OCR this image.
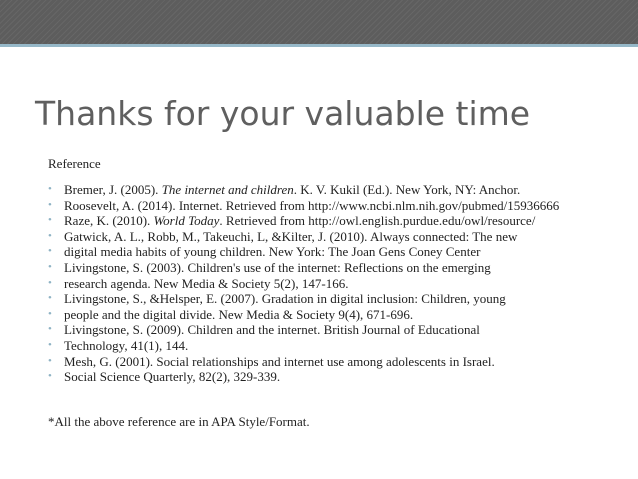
Thanks for your valuable time
Reference
• Bremer, J. (2005). The internet and children. K. V. Kukil (Ed.). New York, NY: Anchor.
• Roosevelt, A. (2014). Internet. Retrieved from http://www.ncbi.nlm.nih.gov/pubmed/15936666
• Raze, K. (2010). World Today. Retrieved from http://owl.english.purdue.edu/owl/resource/
• Gatwick, A. L., Robb, M., Takeuchi, L, &Kilter, J. (2010). Always connected: The new
• digital media habits of young children. New York: The Joan Gens Coney Center
• Livingstone, S. (2003). Children's use of the internet: Reflections on the emerging
• research agenda. New Media & Society 5(2), 147-166.
• Livingstone, S., &Helsper, E. (2007). Gradation in digital inclusion: Children, young
• people and the digital divide. New Media & Society 9(4), 671-696.
• Livingstone, S. (2009). Children and the internet. British Journal of Educational
• Technology, 41(1), 144.
• Mesh, G. (2001). Social relationships and internet use among adolescents in Israel.
• Social Science Quarterly, 82(2), 329-339.
*All the above reference are in APA Style/Format.
